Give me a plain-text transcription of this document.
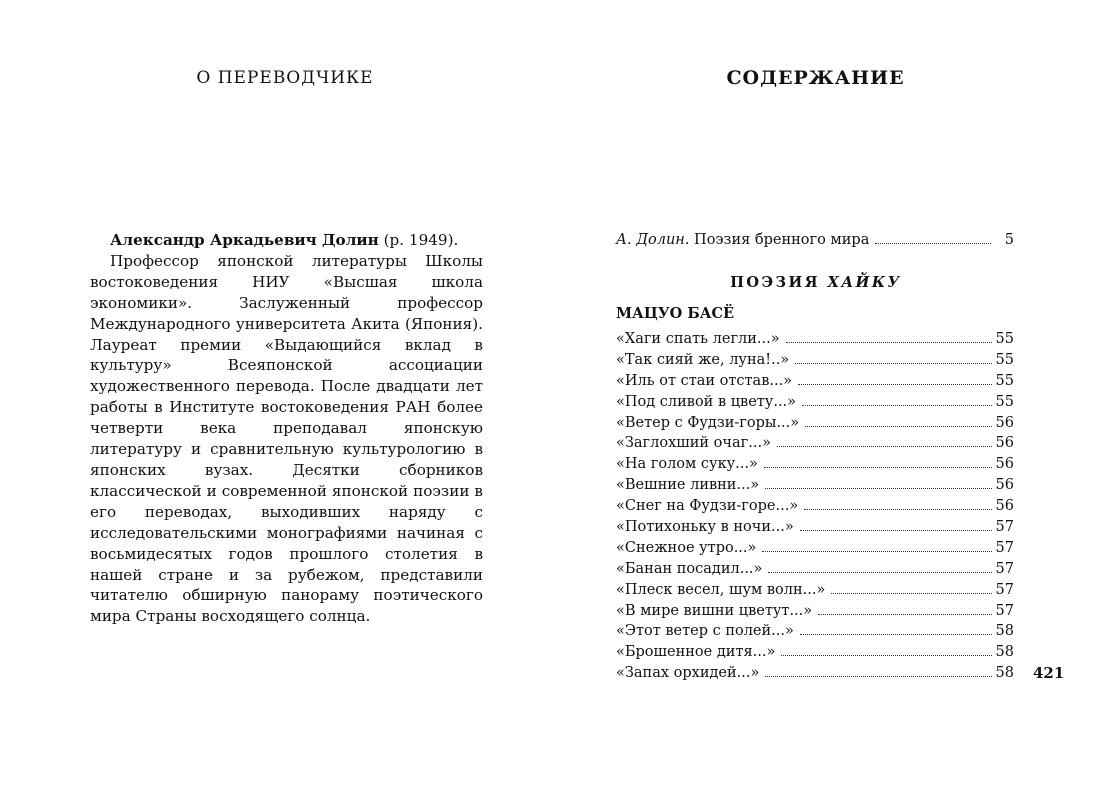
О ПЕРЕВОДЧИКЕ

Александр Аркадьевич Долин (р. 1949).

Профессор японской литературы Школы востоковедения НИУ «Высшая школа экономики». Заслуженный профессор Международного университета Акита (Япония). Лауреат премии «Выдающийся вклад в культуру» Всеяпонской ассоциации художественного перевода. После двадцати лет работы в Институте востоковедения РАН более четверти века преподавал японскую литературу и сравнительную культурологию в японских вузах. Десятки сборников классической и современной японской поэзии в его переводах, выходивших наряду с исследовательскими монографиями начиная с восьмидесятых годов прошлого столетия в нашей стране и за рубежом, представили читателю обширную панораму поэтического мира Страны восходящего солнца.

СОДЕРЖАНИЕ
А. Долин. Поэзия бренного мира	5
ПОЭЗИЯ ХАЙКУ
МАЦУО БАСЁ
«Хаги спать легли...»	55
«Так сияй же, луна!..»	55
«Иль от стаи отстав...»	55
«Под сливой в цвету...»	55
«Ветер с Фудзи-горы...»	56
«Заглохший очаг...»	56
«На голом суку...»	56
«Вешние ливни...»	56
«Снег на Фудзи-горе...»	56
«Потихоньку в ночи...»	57
«Снежное утро...»	57
«Банан посадил...»	57
«Плеск весел, шум волн...»	57
«В мире вишни цветут...»	57
«Этот ветер с полей...»	58
«Брошенное дитя...»	58
«Запах орхидей...»	58 421
